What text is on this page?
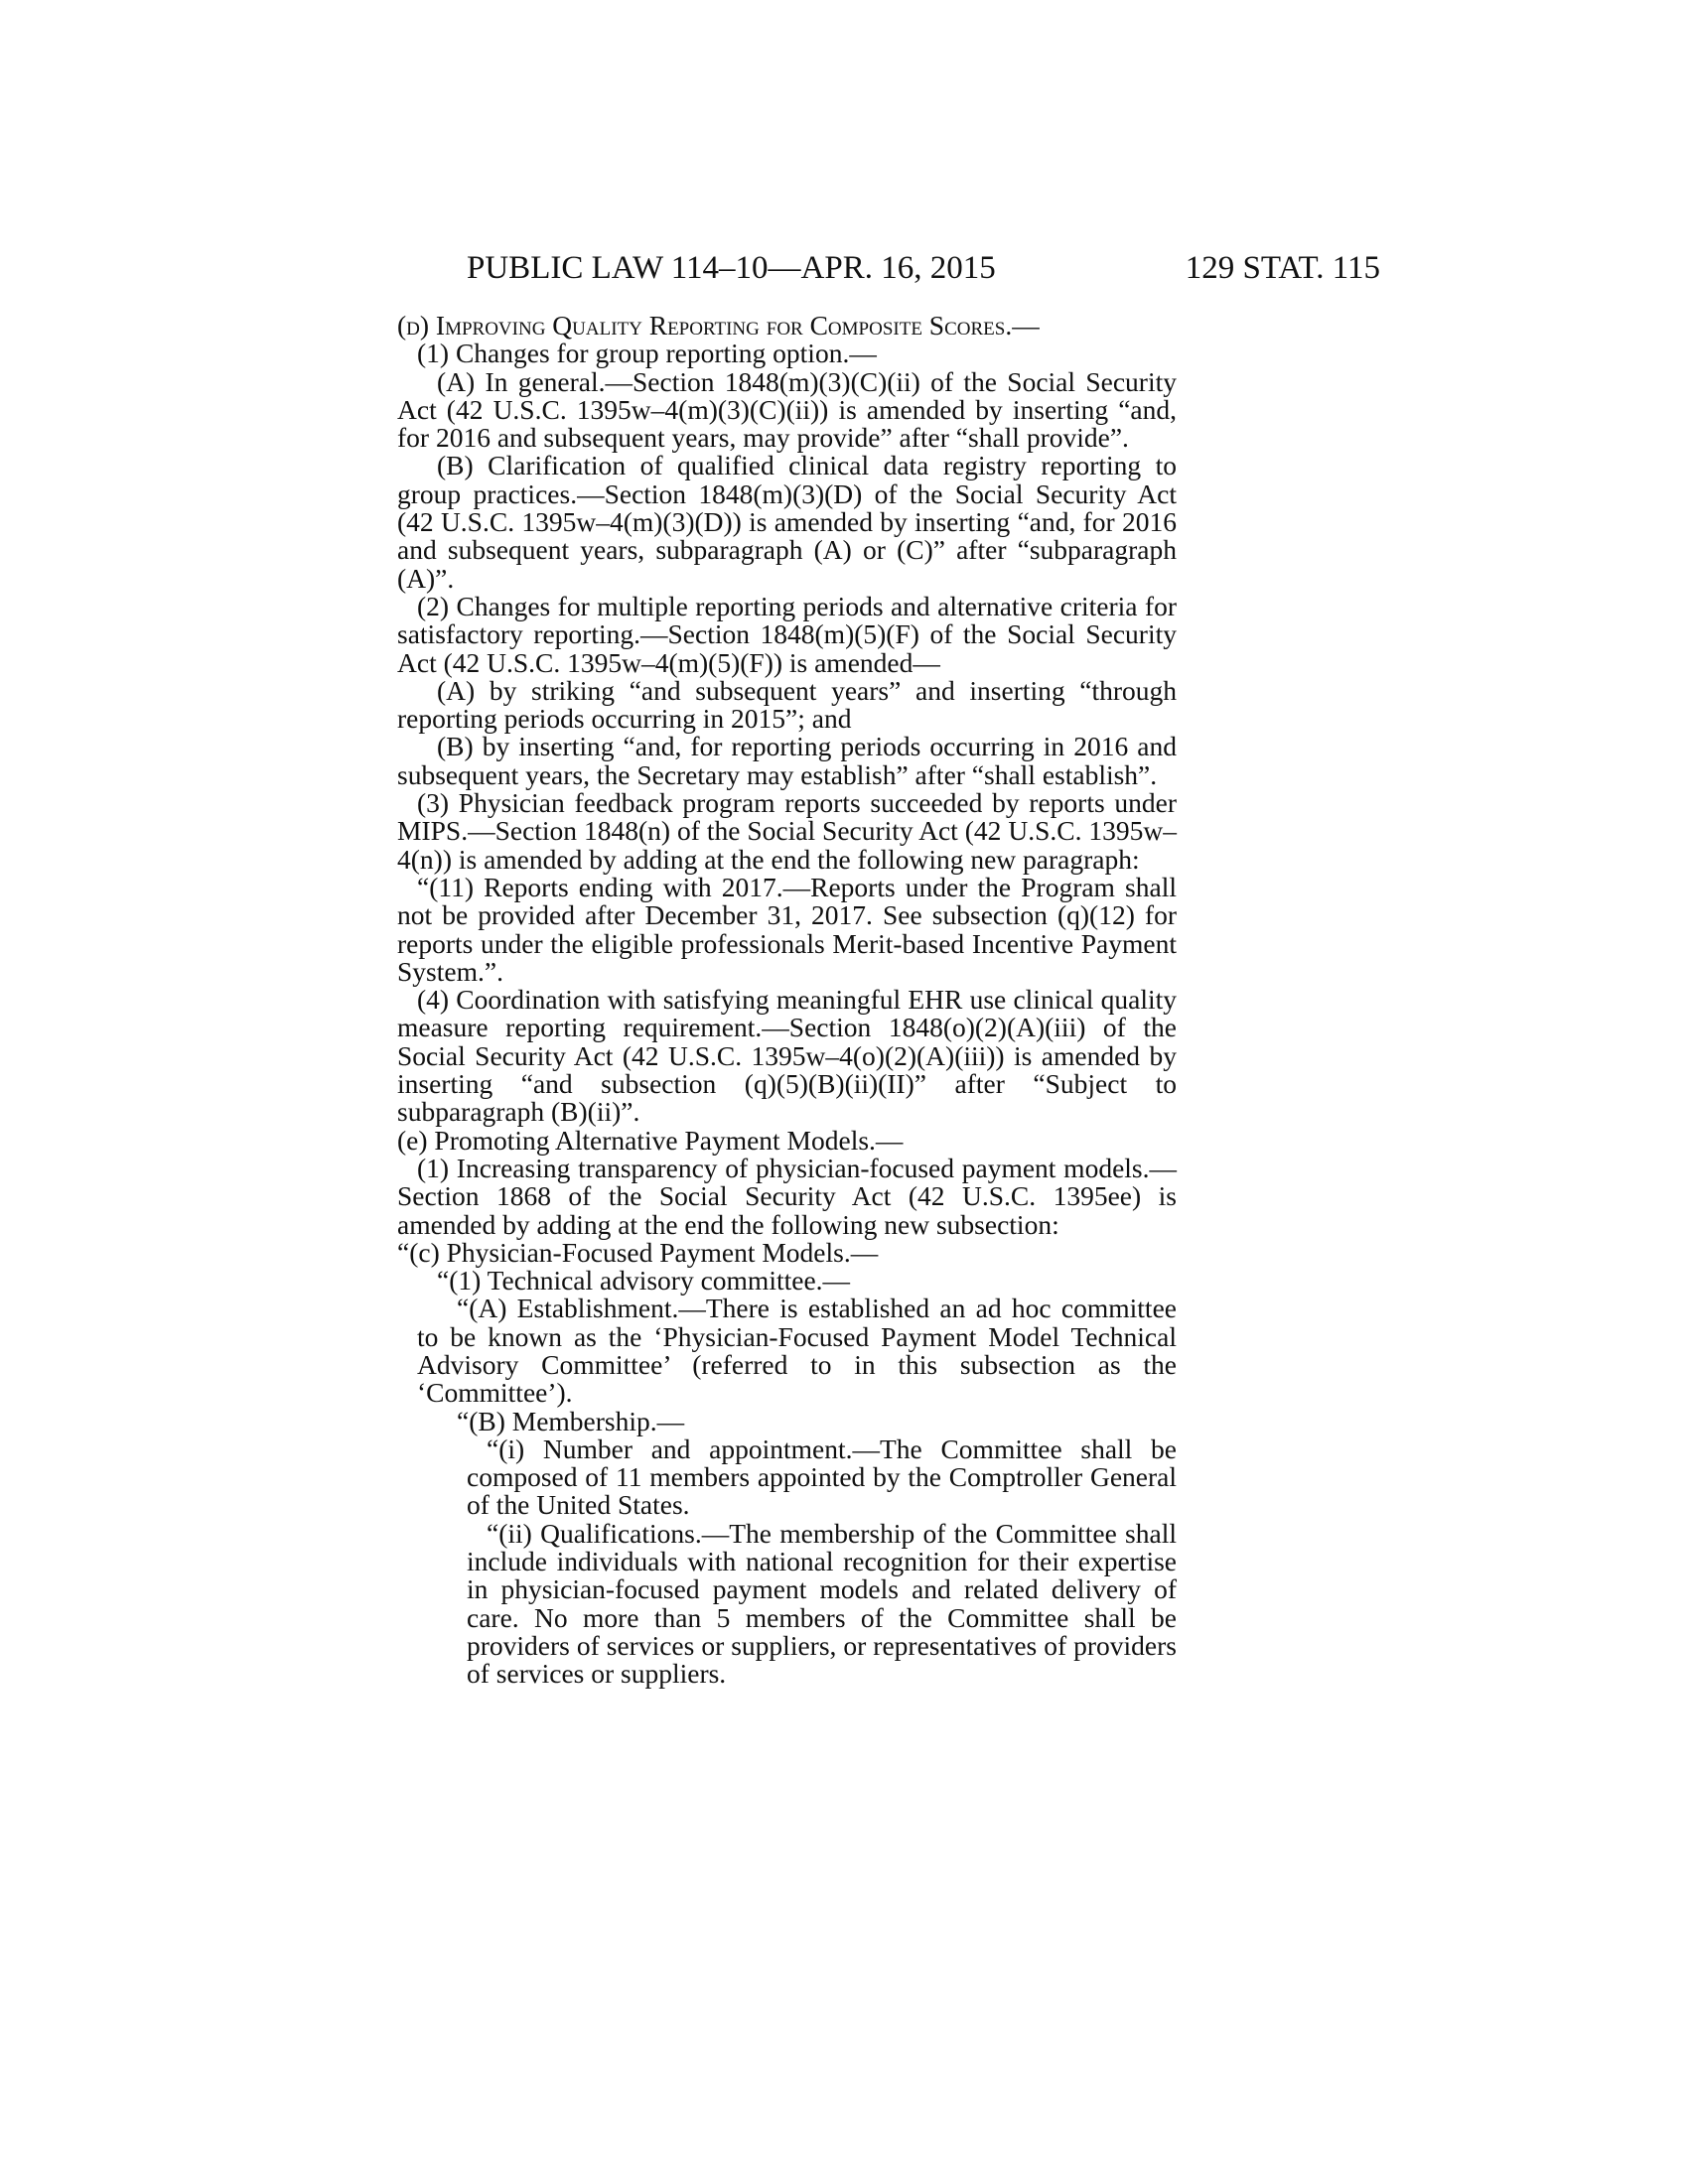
PUBLIC LAW 114–10—APR. 16, 2015	129 STAT. 115

(d) Improving Quality Reporting for Composite Scores.—

(1) Changes for group reporting option.—

(A) In general.—Section 1848(m)(3)(C)(ii) of the Social Security Act (42 U.S.C. 1395w–4(m)(3)(C)(ii)) is amended by inserting “and, for 2016 and subsequent years, may provide” after “shall provide”.

(B) Clarification of qualified clinical data registry reporting to group practices.—Section 1848(m)(3)(D) of the Social Security Act (42 U.S.C. 1395w–4(m)(3)(D)) is amended by inserting “and, for 2016 and subsequent years, subparagraph (A) or (C)” after “subparagraph (A)”.

(2) Changes for multiple reporting periods and alternative criteria for satisfactory reporting.—Section 1848(m)(5)(F) of the Social Security Act (42 U.S.C. 1395w–4(m)(5)(F)) is amended—

(A) by striking “and subsequent years” and inserting “through reporting periods occurring in 2015”; and

(B) by inserting “and, for reporting periods occurring in 2016 and subsequent years, the Secretary may establish” after “shall establish”.

(3) Physician feedback program reports succeeded by reports under MIPS.—Section 1848(n) of the Social Security Act (42 U.S.C. 1395w–4(n)) is amended by adding at the end the following new paragraph:

“(11) Reports ending with 2017.—Reports under the Program shall not be provided after December 31, 2017. See subsection (q)(12) for reports under the eligible professionals Merit-based Incentive Payment System.”.

(4) Coordination with satisfying meaningful EHR use clinical quality measure reporting requirement.—Section 1848(o)(2)(A)(iii) of the Social Security Act (42 U.S.C. 1395w–4(o)(2)(A)(iii)) is amended by inserting “and subsection (q)(5)(B)(ii)(II)” after “Subject to subparagraph (B)(ii)”.

(e) Promoting Alternative Payment Models.—

(1) Increasing transparency of physician-focused payment models.—Section 1868 of the Social Security Act (42 U.S.C. 1395ee) is amended by adding at the end the following new subsection:

“(c) Physician-Focused Payment Models.—

“(1) Technical advisory committee.—

“(A) Establishment.—There is established an ad hoc committee to be known as the ‘Physician-Focused Payment Model Technical Advisory Committee’ (referred to in this subsection as the ‘Committee’).

“(B) Membership.—

“(i) Number and appointment.—The Committee shall be composed of 11 members appointed by the Comptroller General of the United States.

“(ii) Qualifications.—The membership of the Committee shall include individuals with national recognition for their expertise in physician-focused payment models and related delivery of care. No more than 5 members of the Committee shall be providers of services or suppliers, or representatives of providers of services or suppliers.
